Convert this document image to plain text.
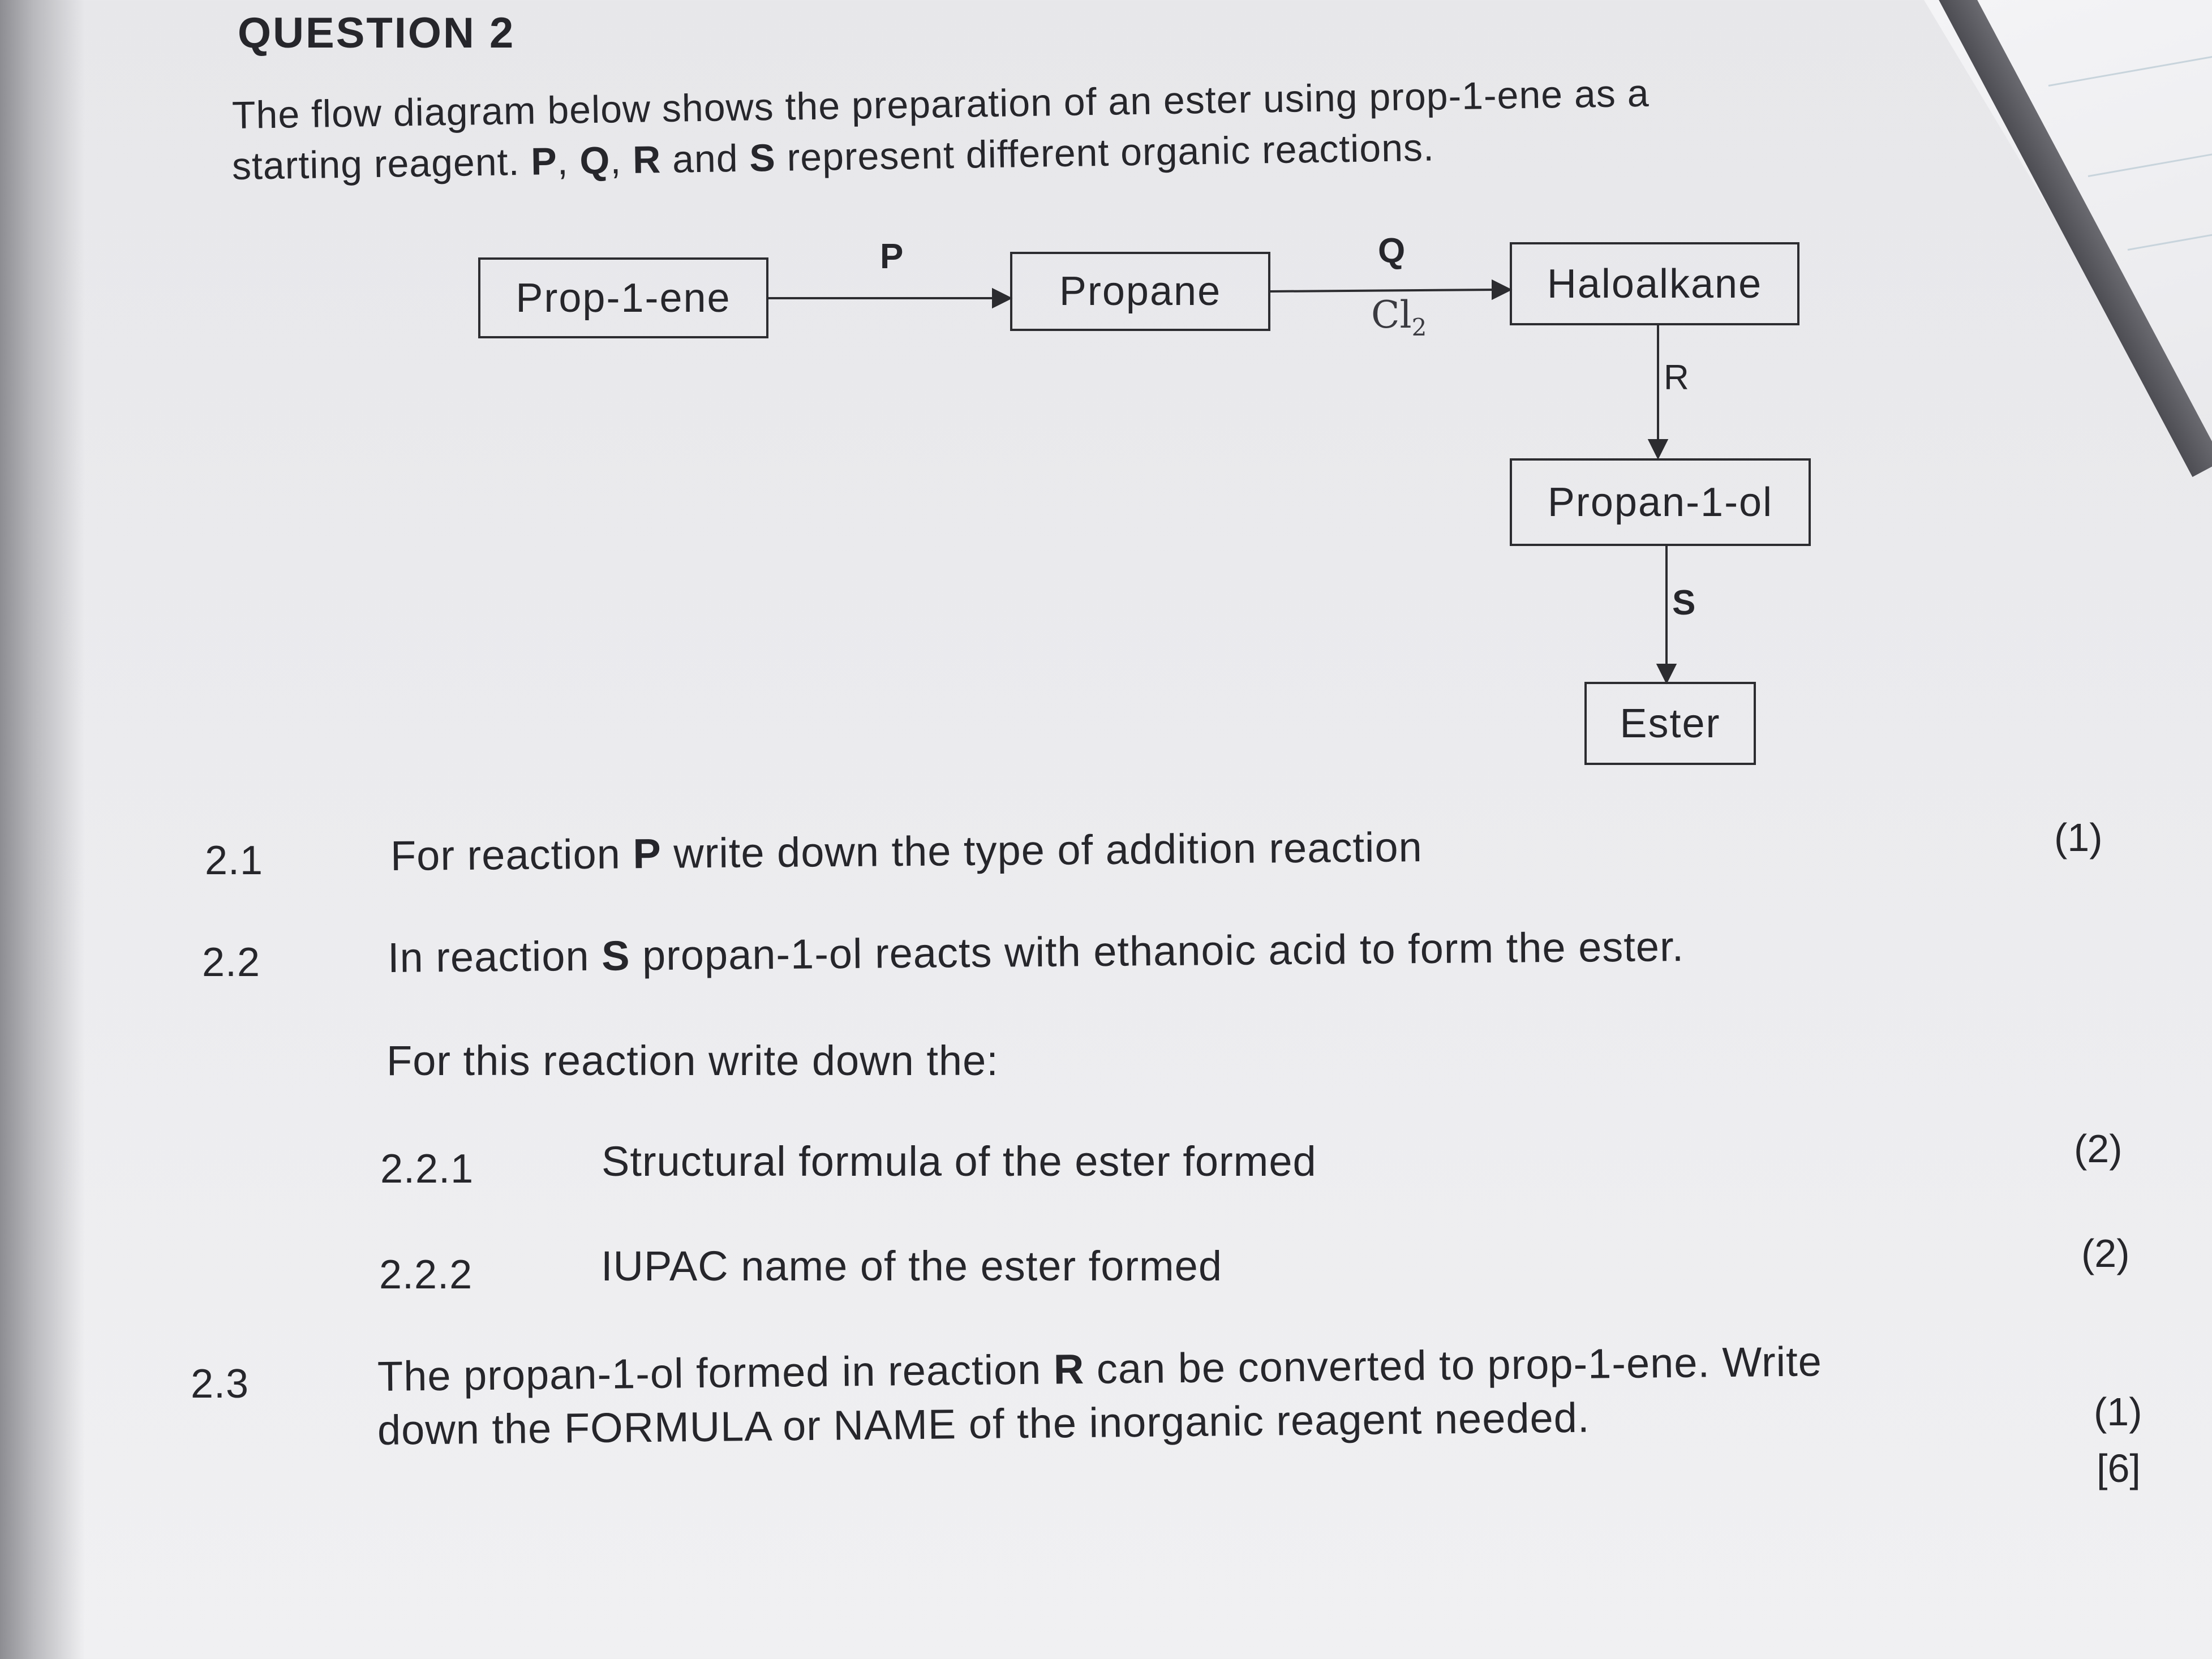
QUESTION 2
The flow diagram below shows the preparation of an ester using prop-1-ene as a
starting reagent. P, Q, R and S represent different organic reactions.
Prop-1-ene	Propane	Haloalkane
Propan-1-ol
Ester
P	Q
$Cl_2$
R
S
2.1	For reaction P write down the type of addition reaction	(1)
2.2	In reaction S propan-1-ol reacts with ethanoic acid to form the ester.
For this reaction write down the:
2.2.1	Structural formula of the ester formed	(2)
2.2.2	IUPAC name of the ester formed	(2)
2.3	The propan-1-ol formed in reaction R can be converted to prop-1-ene. Write
down the FORMULA or NAME of the inorganic reagent needed.	(1)
[6]
